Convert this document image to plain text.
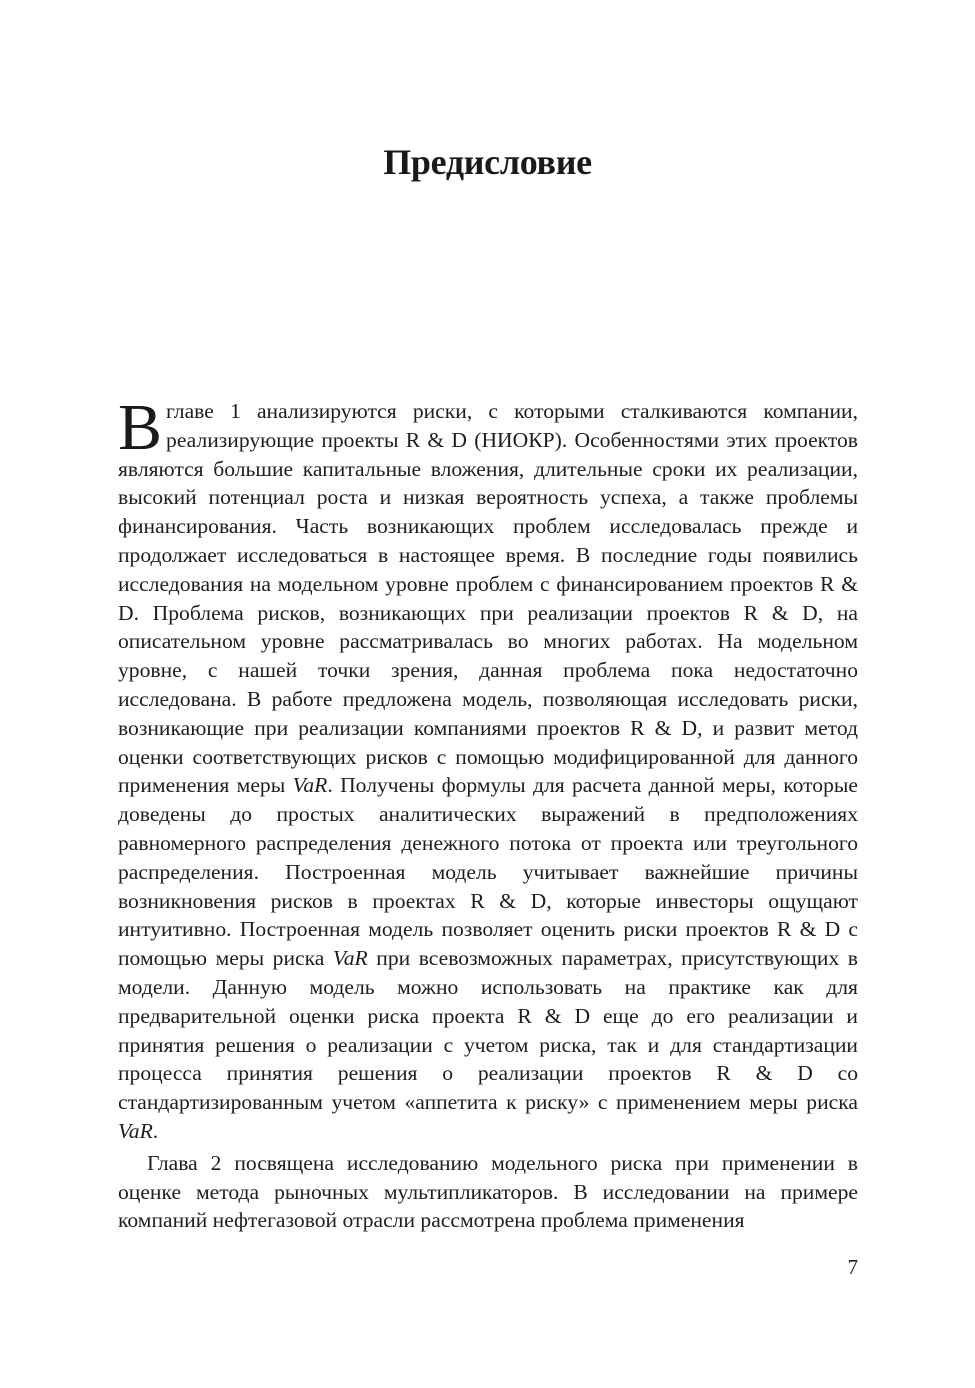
Предисловие

В главе 1 анализируются риски, с которыми сталкиваются компании, реализирующие проекты R & D (НИОКР). Особенностями этих проектов являются большие капитальные вложения, длительные сроки их реализации, высокий потенциал роста и низкая вероятность успеха, а также проблемы финансирования. Часть возникающих проблем исследовалась прежде и продолжает исследоваться в настоящее время. В последние годы появились исследования на модельном уровне проблем с финансированием проектов R & D. Проблема рисков, возникающих при реализации проектов R & D, на описательном уровне рассматривалась во многих работах. На модельном уровне, с нашей точки зрения, данная проблема пока недостаточно исследована. В работе предложена модель, позволяющая исследовать риски, возникающие при реализации компаниями проектов R & D, и развит метод оценки соответствующих рисков с помощью модифицированной для данного применения меры VaR. Получены формулы для расчета данной меры, которые доведены до простых аналитических выражений в предположениях равномерного распределения денежного потока от проекта или треугольного распределения. Построенная модель учитывает важнейшие причины возникновения рисков в проектах R & D, которые инвесторы ощущают интуитивно. Построенная модель позволяет оценить риски проектов R & D с помощью меры риска VaR при всевозможных параметрах, присутствующих в модели. Данную модель можно использовать на практике как для предварительной оценки риска проекта R & D еще до его реализации и принятия решения о реализации с учетом риска, так и для стандартизации процесса принятия решения о реализации проектов R & D со стандартизированным учетом «аппетита к риску» с применением меры риска VaR.

Глава 2 посвящена исследованию модельного риска при применении в оценке метода рыночных мультипликаторов. В исследовании на примере компаний нефтегазовой отрасли рассмотрена проблема применения

7
